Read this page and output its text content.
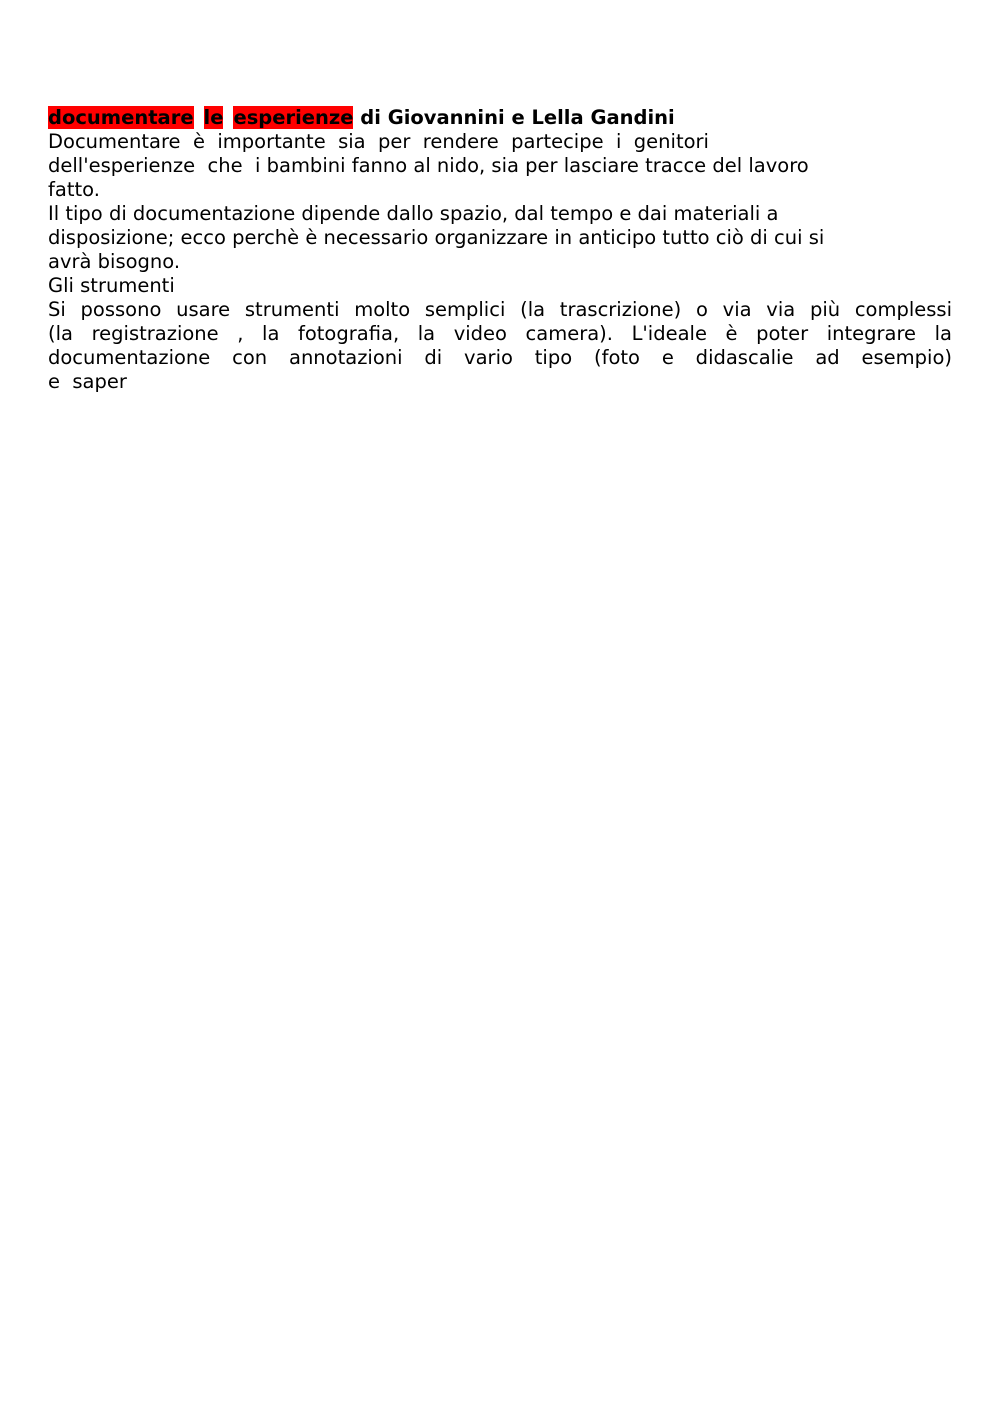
documentare le esperienze di Giovannini e Lella Gandini

Documentare  è  importante  sia  per  rendere  partecipe  i  genitori

dell'esperienze  che  i bambini fanno al nido, sia per lasciare tracce del lavoro

fatto.

Il tipo di documentazione dipende dallo spazio, dal tempo e dai materiali a

disposizione; ecco perchè è necessario organizzare in anticipo tutto ciò di cui si

avrà bisogno.

Gli strumenti

Si possono usare strumenti molto semplici (la trascrizione) o via via più complessi

(la registrazione , la fotografia, la video camera). L'ideale è poter integrare la

documentazione con annotazioni di vario tipo (foto e didascalie ad esempio)

e  saper
